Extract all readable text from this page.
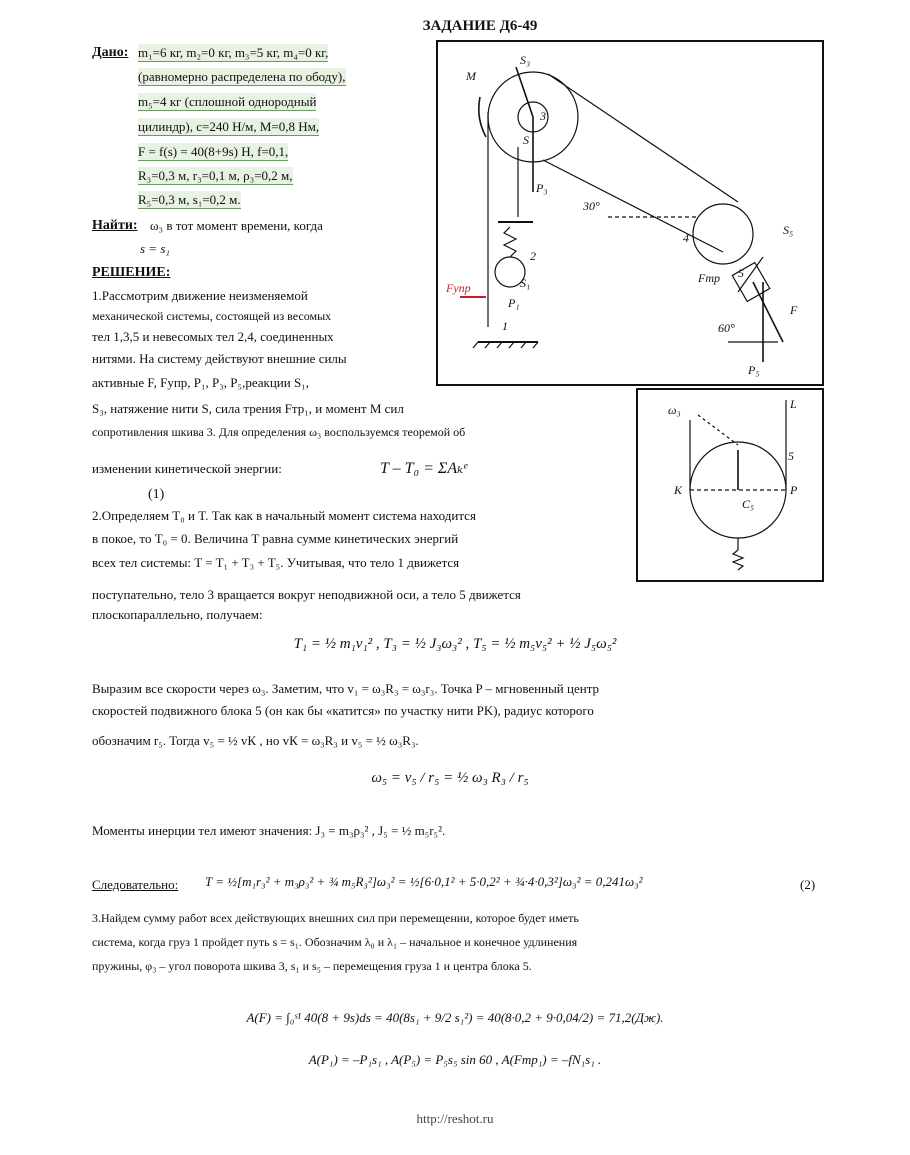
ЗАДАНИЕ Д6-49
Дано: m₁=6 кг, m₂=0 кг, m₃=5 кг, m₄=0 кг,
(равномерно распределена по ободу),
m₅=4 кг (сплошной однородный
цилиндр), c=240 Н/м, M=0,8 Нм,
F = f(s) = 40(8+9s) Н, f=0,1,
R₃=0,3 м, r₃=0,1 м, ρ₃=0,2 м,
R₅=0,3 м, s₁=0,2 м.
Найти: ω₃ в тот момент времени, когда
s = s₁
РЕШЕНИЕ:
1.Рассмотрим движение неизменяемой
механической системы, состоящей из весомых
тел 1,3,5 и невесомых тел 2,4, соединенных
нитями. На систему действуют внешние силы
активные F, Fупр, P₁, P₃, P₅,реакции S₁,
S₃, натяжение нити S, сила трения Fтр₁, и момент M сил
сопротивления шкива 3. Для определения ω₃ воспользуемся теоремой об
изменении кинетической энергии:	T – T₀ = ΣAₖᵉ
(1)
2.Определяем T₀ и T. Так как в начальный момент система находится
в покое, то T₀ = 0. Величина T равна сумме кинетических энергий
всех тел системы: T = T₁ + T₃ + T₅. Учитывая, что тело 1 движется
поступательно, тело 3 вращается вокруг неподвижной оси, а тело 5 движется
плоскопараллельно, получаем:
T₁ = ½ m₁v₁² , T₃ = ½ J₃ω₃² , T₅ = ½ m₅v₅² + ½ J₅ω₅²
Выразим все скорости через ω₃. Заметим, что v₁ = ω₃R₃ = ω₃r₃. Точка P – мгновенный центр
скоростей подвижного блока 5 (он как бы «катится» по участку нити PK), радиус которого
обозначим r₅. Тогда v₅ = ½ vК , но vК = ω₃R₃ и v₅ = ½ ω₃R₃.
ω₅ = v₅ / r₅ = ½ ω₃ R₃ / r₅
Моменты инерции тел имеют значения: J₃ = m₃ρ₃² , J₅ = ½ m₅r₅².
Следовательно: T = ½[m₁r₃² + m₃ρ₃² + ¾ m₅R₃²]ω₃² = ½[6·0,1² + 5·0,2² + ¾·4·0,3²]ω₃² = 0,241ω₃²	(2)
3.Найдем сумму работ всех действующих внешних сил при перемещении, которое будет иметь
система, когда груз 1 пройдет путь s = s₁. Обозначим λ₀ и λ₁ – начальное и конечное удлинения
пружины, φ₃ – угол поворота шкива 3, s₁ и s₅ – перемещения груза 1 и центра блока 5.
A(F) = ∫₀ˢ¹ 40(8 + 9s)ds = 40(8s₁ + 9/2 s₁²) = 40(8·0,2 + 9·0,04/2) = 71,2(Дж).
A(P₁) = –P₁s₁ , A(P₅) = P₅s₅ sin 60 , A(Fтр₁) = –fN₁s₁ .
http://reshot.ru
M
3
S₃
S
P₃
2
S₁
Fупр
P₁
1
30°
4
5
Fтр
S₅
F
60°
P₅
ω₃	L
K	P
C₅
5
